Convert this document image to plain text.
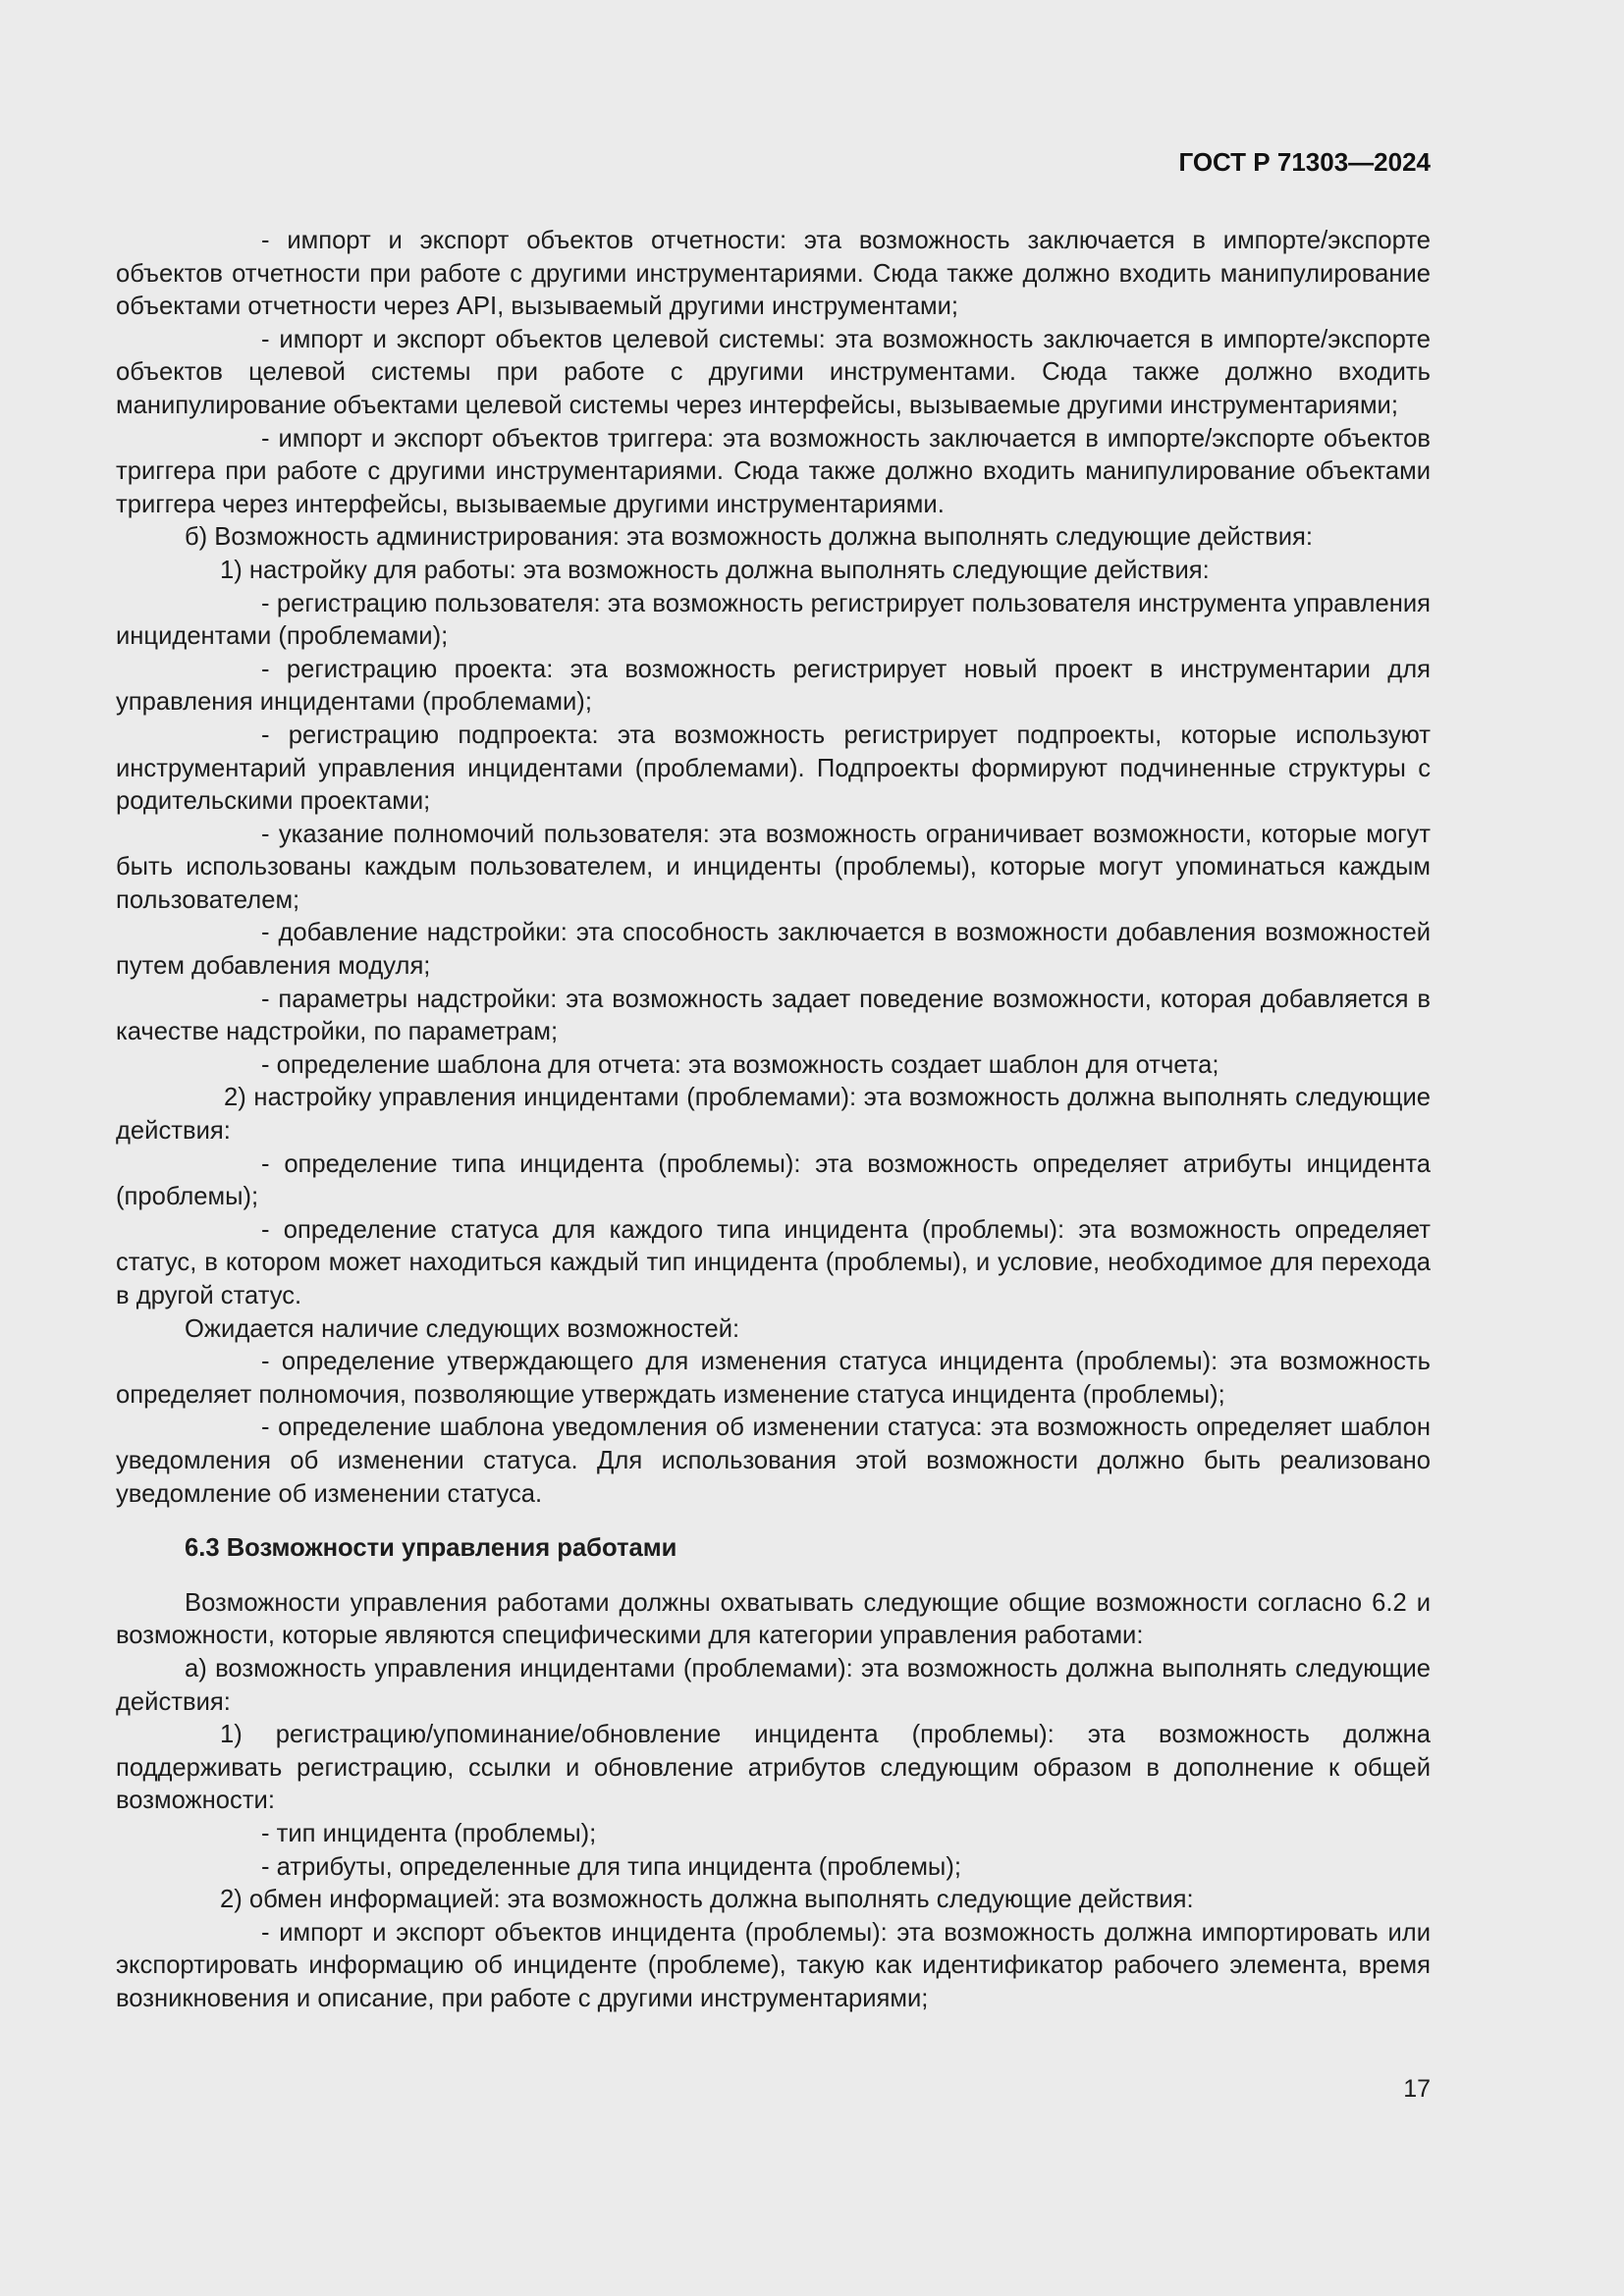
ГОСТ Р 71303—2024

- импорт и экспорт объектов отчетности: эта возможность заключается в импорте/экспорте объектов отчетности при работе с другими инструментариями. Сюда также должно входить манипулирование объектами отчетности через API, вызываемый другими инструментами;

- импорт и экспорт объектов целевой системы: эта возможность заключается в импорте/экспорте объектов целевой системы при работе с другими инструментами. Сюда также должно входить манипулирование объектами целевой системы через интерфейсы, вызываемые другими инструментариями;

- импорт и экспорт объектов триггера: эта возможность заключается в импорте/экспорте объектов триггера при работе с другими инструментариями. Сюда также должно входить манипулирование объектами триггера через интерфейсы, вызываемые другими инструментариями.

б) Возможность администрирования: эта возможность должна выполнять следующие действия:

1) настройку для работы: эта возможность должна выполнять следующие действия:

- регистрацию пользователя: эта возможность регистрирует пользователя инструмента управления инцидентами (проблемами);

- регистрацию проекта: эта возможность регистрирует новый проект в инструментарии для управления инцидентами (проблемами);

- регистрацию подпроекта: эта возможность регистрирует подпроекты, которые используют инструментарий управления инцидентами (проблемами). Подпроекты формируют подчиненные структуры с родительскими проектами;

- указание полномочий пользователя: эта возможность ограничивает возможности, которые могут быть использованы каждым пользователем, и инциденты (проблемы), которые могут упоминаться каждым пользователем;

- добавление надстройки: эта способность заключается в возможности добавления возможностей путем добавления модуля;

- параметры надстройки: эта возможность задает поведение возможности, которая добавляется в качестве надстройки, по параметрам;

- определение шаблона для отчета: эта возможность создает шаблон для отчета;

2) настройку управления инцидентами (проблемами): эта возможность должна выполнять следующие действия:

- определение типа инцидента (проблемы): эта возможность определяет атрибуты инцидента (проблемы);

- определение статуса для каждого типа инцидента (проблемы): эта возможность определяет статус, в котором может находиться каждый тип инцидента (проблемы), и условие, необходимое для перехода в другой статус.

Ожидается наличие следующих возможностей:

- определение утверждающего для изменения статуса инцидента (проблемы): эта возможность определяет полномочия, позволяющие утверждать изменение статуса инцидента (проблемы);

- определение шаблона уведомления об изменении статуса: эта возможность определяет шаблон уведомления об изменении статуса. Для использования этой возможности должно быть реализовано уведомление об изменении статуса.

6.3 Возможности управления работами

Возможности управления работами должны охватывать следующие общие возможности согласно 6.2 и возможности, которые являются специфическими для категории управления работами:

а) возможность управления инцидентами (проблемами): эта возможность должна выполнять следующие действия:

1) регистрацию/упоминание/обновление инцидента (проблемы): эта возможность должна поддерживать регистрацию, ссылки и обновление атрибутов следующим образом в дополнение к общей возможности:

- тип инцидента (проблемы);

- атрибуты, определенные для типа инцидента (проблемы);

2) обмен информацией: эта возможность должна выполнять следующие действия:

- импорт и экспорт объектов инцидента (проблемы): эта возможность должна импортировать или экспортировать информацию об инциденте (проблеме), такую как идентификатор рабочего элемента, время возникновения и описание, при работе с другими инструментариями;

17
